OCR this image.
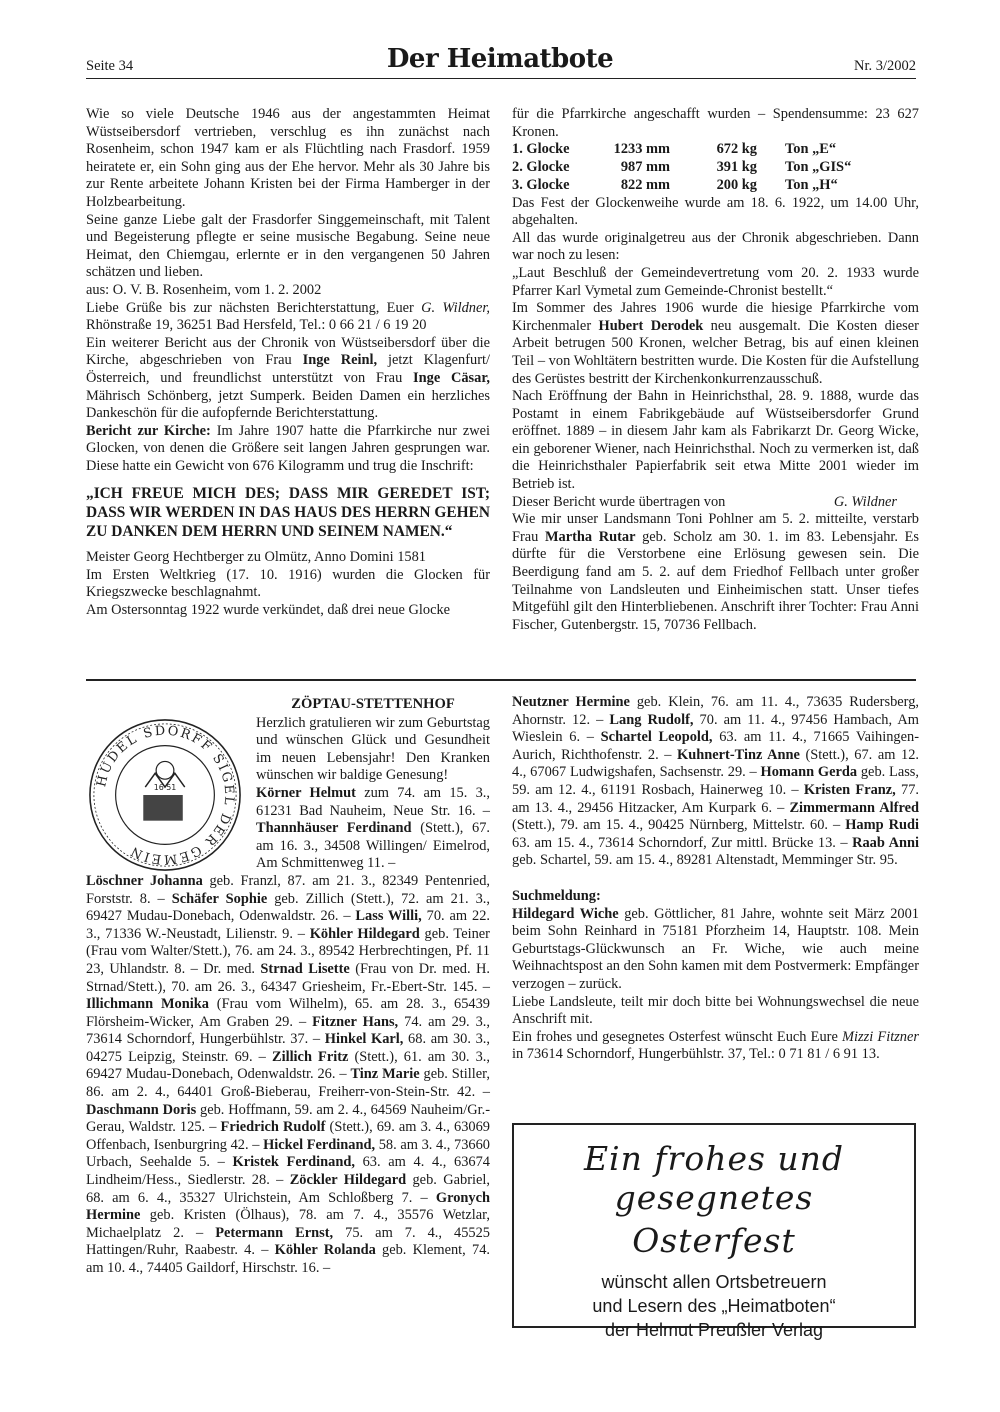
Seite 34	Der Heimatbote	Nr. 3/2002

Wie so viele Deutsche 1946 aus der angestammten Heimat Wüstseibersdorf vertrieben, verschlug es ihn zunächst nach Rosenheim, schon 1947 kam er als Flüchtling nach Frasdorf. 1959 heiratete er, ein Sohn ging aus der Ehe hervor. Mehr als 30 Jahre bis zur Rente arbeitete Johann Kristen bei der Firma Hamberger in der Holzbearbeitung.

Seine ganze Liebe galt der Frasdorfer Singgemeinschaft, mit Talent und Begeisterung pflegte er seine musische Begabung. Seine neue Heimat, den Chiemgau, erlernte er in den vergangenen 50 Jahren schätzen und lieben.

aus: O. V. B. Rosenheim, vom 1. 2. 2002

Liebe Grüße bis zur nächsten Berichterstattung, Euer G. Wildner, Rhönstraße 19, 36251 Bad Hersfeld, Tel.: 0 66 21 / 6 19 20

Ein weiterer Bericht aus der Chronik von Wüstseibersdorf über die Kirche, abgeschrieben von Frau Inge Reinl, jetzt Klagenfurt/Österreich, und freundlichst unterstützt von Frau Inge Cäsar, Mährisch Schönberg, jetzt Sumperk. Beiden Damen ein herzliches Dankeschön für die aufopfernde Berichterstattung.

Bericht zur Kirche: Im Jahre 1907 hatte die Pfarrkirche nur zwei Glocken, von denen die Größere seit langen Jahren gesprungen war. Diese hatte ein Gewicht von 676 Kilogramm und trug die Inschrift:

„ICH FREUE MICH DES; DASS MIR GEREDET IST; DASS WIR WERDEN IN DAS HAUS DES HERRN GEHEN ZU DANKEN DEM HERRN UND SEINEM NAMEN.“

Meister Georg Hechtberger zu Olmütz, Anno Domini 1581

Im Ersten Weltkrieg (17. 10. 1916) wurden die Glocken für Kriegszwecke beschlagnahmt.

Am Ostersonntag 1922 wurde verkündet, daß drei neue Glocke

für die Pfarrkirche angeschafft wurden – Spendensumme: 23 627 Kronen.

1. Glocke	1233 mm	672 kg	Ton „E“
2. Glocke	987 mm	391 kg	Ton „GIS“
3. Glocke	822 mm	200 kg	Ton „H“

Das Fest der Glockenweihe wurde am 18. 6. 1922, um 14.00 Uhr, abgehalten.

All das wurde originalgetreu aus der Chronik abgeschrieben. Dann war noch zu lesen:

„Laut Beschluß der Gemeindevertretung vom 20. 2. 1933 wurde Pfarrer Karl Vymetal zum Gemeinde-Chronist bestellt.“

Im Sommer des Jahres 1906 wurde die hiesige Pfarrkirche vom Kirchenmaler Hubert Derodek neu ausgemalt. Die Kosten dieser Arbeit betrugen 500 Kronen, welcher Betrag, bis auf einen kleinen Teil – von Wohltätern bestritten wurde. Die Kosten für die Aufstellung des Gerüstes bestritt der Kirchenkonkurrenzausschuß.

Nach Eröffnung der Bahn in Heinrichsthal, 28. 9. 1888, wurde das Postamt in einem Fabrikgebäude auf Wüstseibersdorfer Grund eröffnet. 1889 – in diesem Jahr kam als Fabrikarzt Dr. Georg Wicke, ein geborener Wiener, nach Heinrichsthal. Noch zu vermerken ist, daß die Heinrichsthaler Papierfabrik seit etwa Mitte 2001 wieder im Betrieb ist.

Dieser Bericht wurde übertragen von	G. Wildner

Wie mir unser Landsmann Toni Pohlner am 5. 2. mitteilte, verstarb Frau Martha Rutar geb. Scholz am 30. 1. im 83. Lebensjahr. Es dürfte für die Verstorbene eine Erlösung gewesen sein. Die Beerdigung fand am 5. 2. auf dem Friedhof Fellbach unter großer Teilnahme von Landsleuten und Einheimischen statt. Unser tiefes Mitgefühl gilt den Hinterbliebenen. Anschrift ihrer Tochter: Frau Anni Fischer, Gutenbergstr. 15, 70736 Fellbach.

HUDEL SDORFF SIGEL DER GEMEIN
16 51

ZÖPTAU-STETTENHOF

Herzlich gratulieren wir zum Geburtstag und wünschen Glück und Gesundheit im neuen Lebensjahr! Den Kranken wünschen wir baldige Genesung!

Körner Helmut zum 74. am 15. 3., 61231 Bad Nauheim, Neue Str. 16. – Thannhäuser Ferdinand (Stett.), 67. am 16. 3., 34508 Willingen/ Eimelrod, Am Schmittenweg 11. –
Löschner Johanna geb. Franzl, 87. am 21. 3., 82349 Pentenried, Forststr. 8. – Schäfer Sophie geb. Zillich (Stett.), 72. am 21. 3., 69427 Mudau-Donebach, Odenwaldstr. 26. – Lass Willi, 70. am 22. 3., 71336 W.-Neustadt, Lilienstr. 9. – Köhler Hildegard geb. Teiner (Frau vom Walter/Stett.), 76. am 24. 3., 89542 Herbrechtingen, Pf. 11 23, Uhlandstr. 8. – Dr. med. Strnad Lisette (Frau von Dr. med. H. Strnad/Stett.), 70. am 26. 3., 64347 Griesheim, Fr.-Ebert-Str. 145. – Illichmann Monika (Frau vom Wilhelm), 65. am 28. 3., 65439 Flörsheim-Wicker, Am Graben 29. – Fitzner Hans, 74. am 29. 3., 73614 Schorndorf, Hungerbühlstr. 37. – Hinkel Karl, 68. am 30. 3., 04275 Leipzig, Steinstr. 69. – Zillich Fritz (Stett.), 61. am 30. 3., 69427 Mudau-Donebach, Odenwaldstr. 26. – Tinz Marie geb. Stiller, 86. am 2. 4., 64401 Groß-Bieberau, Freiherr-von-Stein-Str. 42. – Daschmann Doris geb. Hoffmann, 59. am 2. 4., 64569 Nauheim/Gr.-Gerau, Waldstr. 125. – Friedrich Rudolf (Stett.), 69. am 3. 4., 63069 Offenbach, Isenburgring 42. – Hickel Ferdinand, 58. am 3. 4., 73660 Urbach, Seehalde 5. – Kristek Ferdinand, 63. am 4. 4., 63674 Lindheim/Hess., Siedlerstr. 28. – Zöckler Hildegard geb. Gabriel, 68. am 6. 4., 35327 Ulrichstein, Am Schloßberg 7. – Gronych Hermine geb. Kristen (Ölhaus), 78. am 7. 4., 35576 Wetzlar, Michaelplatz 2. – Petermann Ernst, 75. am 7. 4., 45525 Hattingen/Ruhr, Raabestr. 4. – Köhler Rolanda geb. Klement, 74. am 10. 4., 74405 Gaildorf, Hirschstr. 16. –

Neutzner Hermine geb. Klein, 76. am 11. 4., 73635 Rudersberg, Ahornstr. 12. – Lang Rudolf, 70. am 11. 4., 97456 Hambach, Am Wieslein 6. – Schartel Leopold, 63. am 11. 4., 71665 Vaihingen-Aurich, Richthofenstr. 2. – Kuhnert-Tinz Anne (Stett.), 67. am 12. 4., 67067 Ludwigshafen, Sachsenstr. 29. – Homann Gerda geb. Lass, 59. am 12. 4., 61191 Rosbach, Hainerweg 10. – Kristen Franz, 77. am 13. 4., 29456 Hitzacker, Am Kurpark 6. – Zimmermann Alfred (Stett.), 79. am 15. 4., 90425 Nürnberg, Mittelstr. 60. – Hamp Rudi 63. am 15. 4., 73614 Schorndorf, Zur mittl. Brücke 13. – Raab Anni geb. Schartel, 59. am 15. 4., 89281 Altenstadt, Memminger Str. 95.

Suchmeldung:

Hildegard Wiche geb. Göttlicher, 81 Jahre, wohnte seit März 2001 beim Sohn Reinhard in 75181 Pforzheim 14, Hauptstr. 108. Mein Geburtstags-Glückwunsch an Fr. Wiche, wie auch meine Weihnachtspost an den Sohn kamen mit dem Postvermerk: Empfänger verzogen – zurück.

Liebe Landsleute, teilt mir doch bitte bei Wohnungswechsel die neue Anschrift mit.

Ein frohes und gesegnetes Osterfest wünscht Euch Eure Mizzi Fitzner in 73614 Schorndorf, Hungerbühlstr. 37, Tel.: 0 71 81 / 6 91 13.

Ein frohes und gesegnetes
Osterfest
wünscht allen Ortsbetreuern
und Lesern des „Heimatboten“
der Helmut Preußler Verlag
